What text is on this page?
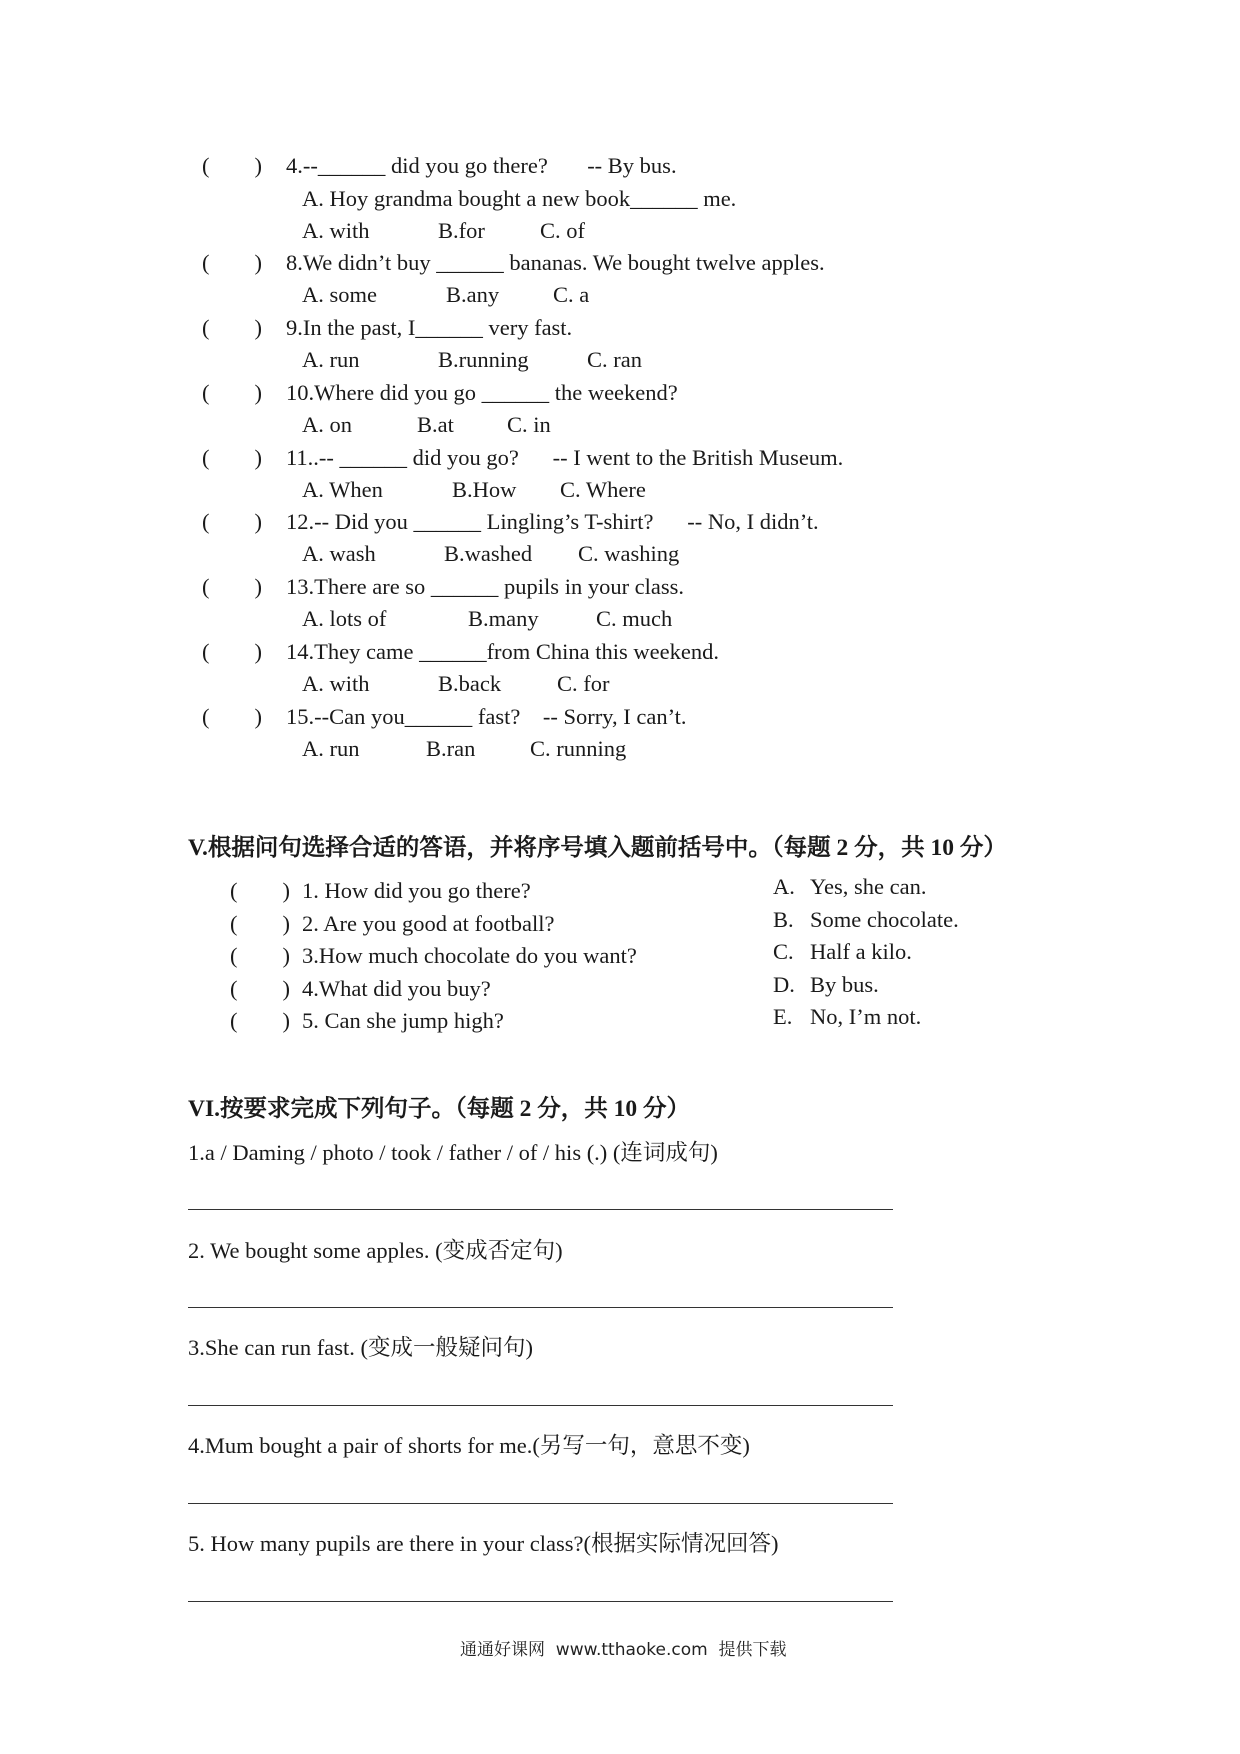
(        ) 4.--______ did you go there?       -- By bus.
A. Hoy grandma bought a new book______ me.
A. with	B.for C. of
(        ) 8.We didn’t buy ______ bananas. We bought twelve apples.
A. some	B.any C. a
(        ) 9.In the past, I______ very fast.
A. run	B.running	C. ran
(        ) 10.Where did you go ______ the weekend?
A. on	B.at C. in
(        ) 11..-- ______ did you go?      -- I went to the British Museum.
A. When	B.How C. Where
(        ) 12.-- Did you ______ Lingling’s T-shirt?      -- No, I didn’t.
A. wash	B.washed C. washing
(        ) 13.There are so ______ pupils in your class.
A. lots of	B.many	C. much
(        ) 14.They came ______from China this weekend.
A. with	B.back C. for
(        ) 15.--Can you______ fast?    -- Sorry, I can’t.
A. run	B.ran C. running
V.根据问句选择合适的答语，并将序号填入题前括号中。（每题 2 分，共 10 分）
(        ) 1. How did you go there?
(        ) 2. Are you good at football?
(        ) 3.How much chocolate do you want?
(        ) 4.What did you buy?
(        ) 5. Can she jump high?
A. Yes, she can.
B. Some chocolate.
C. Half a kilo.
D. By bus.
E. No, I’m not.
VI.按要求完成下列句子。（每题 2 分，共 10 分）
1.a / Daming / photo / took / father / of / his (.) (连词成句)
2. We bought some apples. (变成否定句)
3.She can run fast. (变成一般疑问句)
4.Mum bought a pair of shorts for me.(另写一句，意思不变)
5. How many pupils are there in your class?(根据实际情况回答)
通通好课网  www.tthaoke.com  提供下载
